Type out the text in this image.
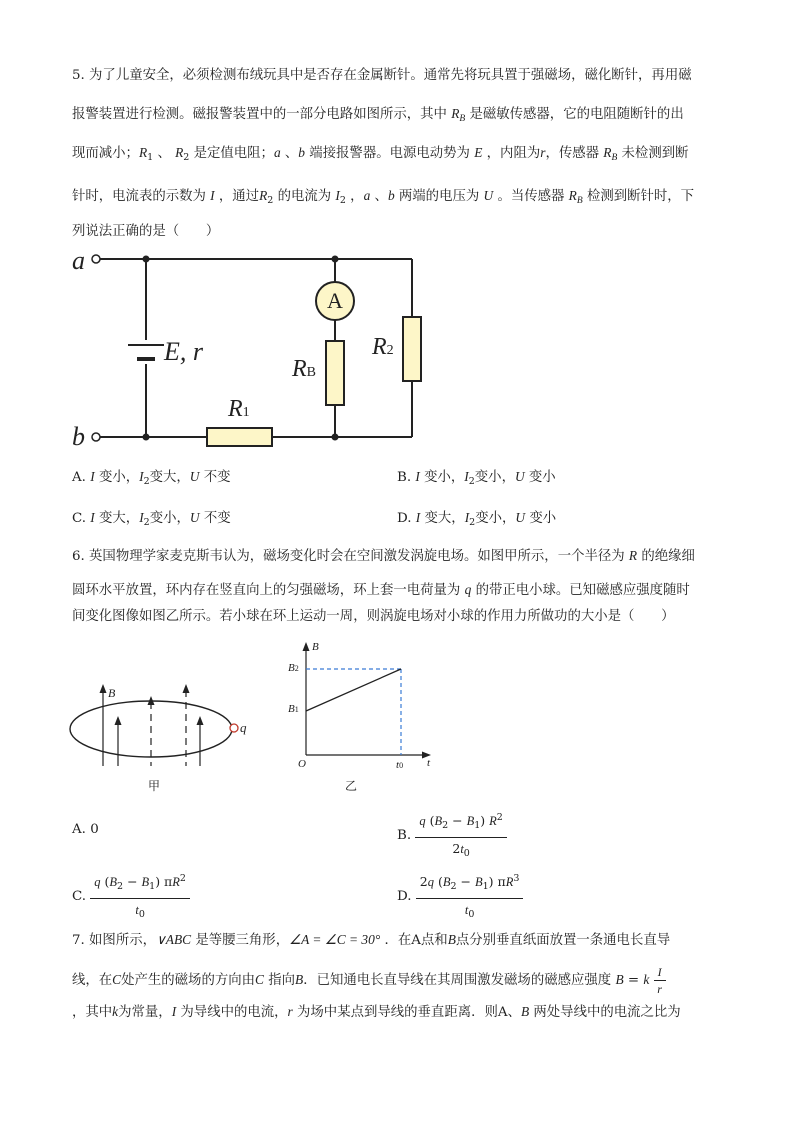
5. 为了儿童安全，必须检测布绒玩具中是否存在金属断针。通常先将玩具置于强磁场，磁化断针，再用磁
报警装置进行检测。磁报警装置中的一部分电路如图所示，其中 $R_B$ 是磁敏传感器，它的电阻随断针的出
现而减小；$R_1$ 、 $R_2$ 是定值电阻；a 、b 端接报警器。电源电动势为 E ，内阻为r，传感器 $R_B$ 未检测到断
针时，电流表的示数为 I ，通过$R_2$ 的电流为 $I_2$ ，a 、b 两端的电压为 U 。当传感器 $R_B$ 检测到断针时，下
列说法正确的是（　　）
a
b
A
E, r
R1
RB
R2
A. I 变小，$I_2$变大，U 不变	B. I 变小，$I_2$变小，U 变小
C. I 变大，$I_2$变小，U 不变	D. I 变大，$I_2$变小，U 变小
6. 英国物理学家麦克斯韦认为，磁场变化时会在空间激发涡旋电场。如图甲所示，一个半径为 R 的绝缘细
圆环水平放置，环内存在竖直向上的匀强磁场，环上套一电荷量为 q 的带正电小球。已知磁感应强度随时
间变化图像如图乙所示。若小球在环上运动一周，则涡旋电场对小球的作用力所做功的大小是（　　）
B
q
甲
B
B2
B1
O	t0 t
乙
A. 0	B. $\frac{q (B_2 - B_1) R^2}{2t_0}$
C. $\frac{q (B_2 - B_1) \pi R^2}{t_0}$	D. $\frac{2q (B_2 - B_1) \pi R^3}{t_0}$
7. 如图所示，∨ABC 是等腰三角形，∠A = ∠C = 30° ．在A点和B点分别垂直纸面放置一条通电长直导
线，在C处产生的磁场的方向由C 指向B．已知通电长直导线在其周围激发磁场的磁感应强度 B = k $\frac{I}{r}$
，其中k为常量，I 为导线中的电流，r 为场中某点到导线的垂直距离．则A、B 两处导线中的电流之比为
